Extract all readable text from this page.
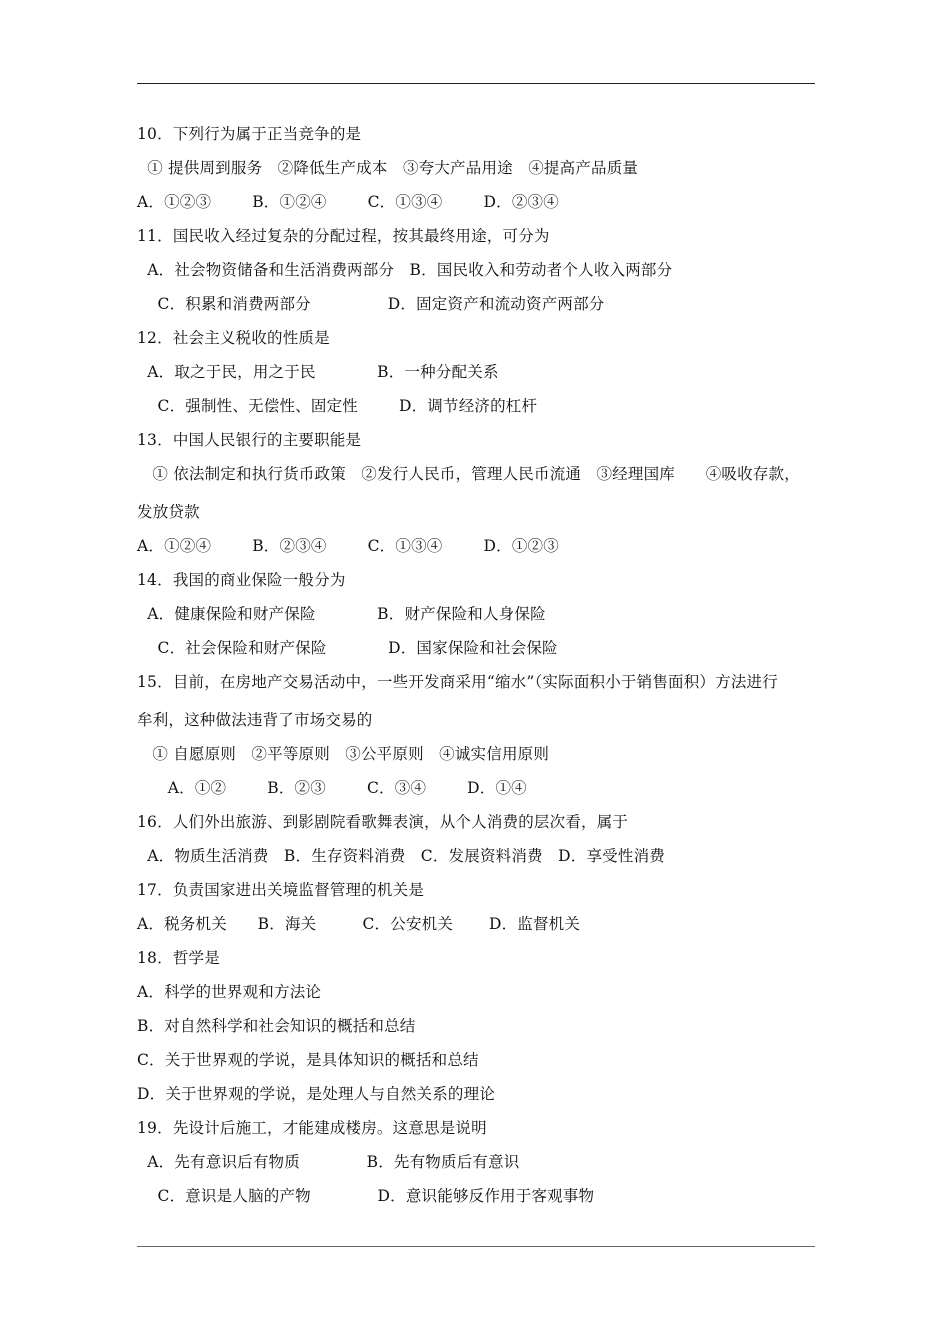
10．下列行为属于正当竞争的是
① 提供周到服务   ②降低生产成本   ③夸大产品用途   ④提高产品质量
A．①②③        B．①②④        C．①③④        D．②③④
11．国民收入经过复杂的分配过程，按其最终用途，可分为
A．社会物资储备和生活消费两部分   B．国民收入和劳动者个人收入两部分
C．积累和消费两部分               D．固定资产和流动资产两部分
12．社会主义税收的性质是
A．取之于民，用之于民            B．一种分配关系
C．强制性、无偿性、固定性        D．调节经济的杠杆
13．中国人民银行的主要职能是
① 依法制定和执行货币政策   ②发行人民币，管理人民币流通   ③经理国库      ④吸收存款，
发放贷款
A．①②④        B．②③④        C．①③④        D．①②③
14．我国的商业保险一般分为
A．健康保险和财产保险            B．财产保险和人身保险
C．社会保险和财产保险            D．国家保险和社会保险
15．目前，在房地产交易活动中，一些开发商采用“缩水”（实际面积小于销售面积）方法进行
牟利，这种做法违背了市场交易的
① 自愿原则   ②平等原则   ③公平原则   ④诚实信用原则
A．①②        B．②③        C．③④        D．①④
16．人们外出旅游、到影剧院看歌舞表演，从个人消费的层次看，属于
A．物质生活消费   B．生存资料消费   C．发展资料消费   D．享受性消费
17．负责国家进出关境监督管理的机关是
A．税务机关      B．海关         C．公安机关       D．监督机关
18．哲学是
A．科学的世界观和方法论
B．对自然科学和社会知识的概括和总结
C．关于世界观的学说，是具体知识的概括和总结
D．关于世界观的学说，是处理人与自然关系的理论
19．先设计后施工，才能建成楼房。这意思是说明
A．先有意识后有物质             B．先有物质后有意识
C．意识是人脑的产物             D．意识能够反作用于客观事物
